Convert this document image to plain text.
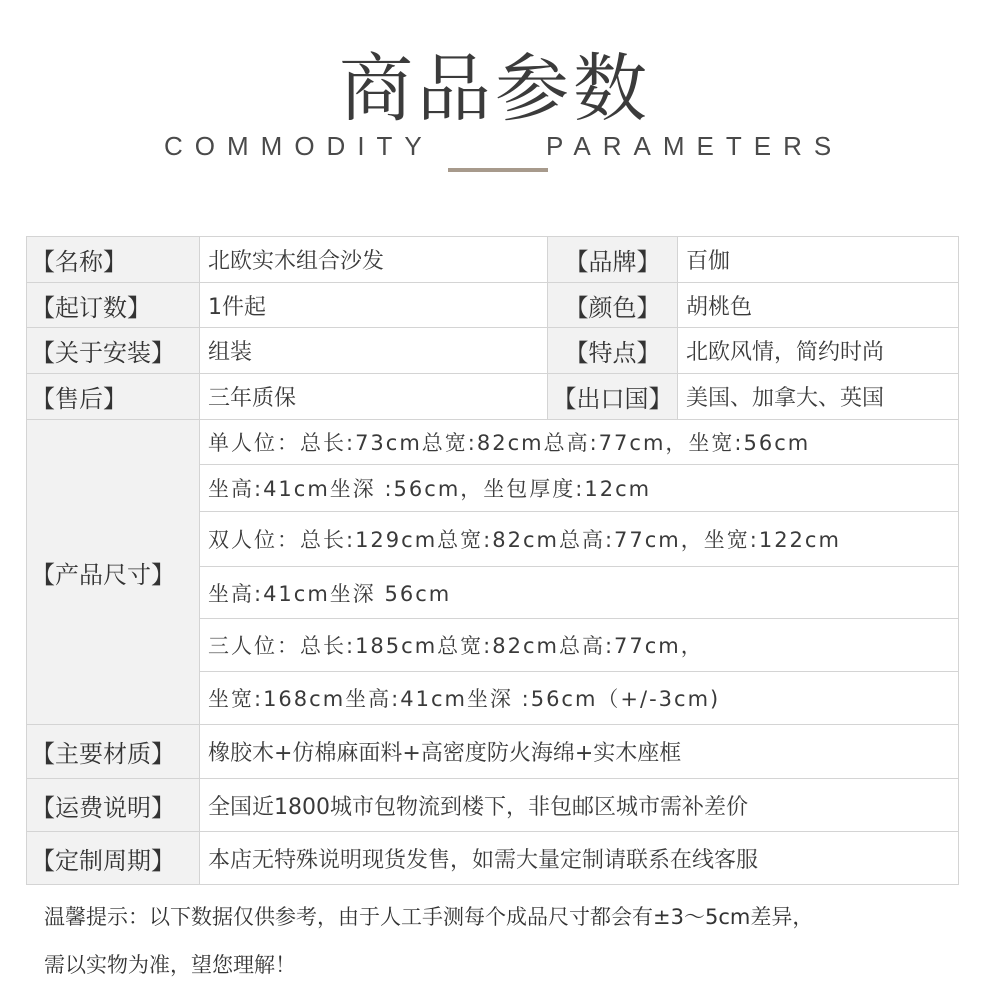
商品参数
COMMODITY	PARAMETERS
【名称】	北欧实木组合沙发	【品牌】	百伽
【起订数】	1件起	【颜色】	胡桃色
【关于安装】	组装	【特点】	北欧风情，简约时尚
【售后】	三年质保	【出口国】 美国、加拿大、英国
【产品尺寸】
单人位：总长:73cm总宽:82cm总高:77cm，坐宽:56cm
坐高:41cm坐深 :56cm，坐包厚度:12cm
双人位：总长:129cm总宽:82cm总高:77cm，坐宽:122cm
坐高:41cm坐深 56cm
三人位：总长:185cm总宽:82cm总高:77cm，
坐宽:168cm坐高:41cm坐深 :56cm（+/-3cm)
【主要材质】	橡胶木+仿棉麻面料+高密度防火海绵+实木座框
【运费说明】	全国近1800城市包物流到楼下，非包邮区城市需补差价
【定制周期】	本店无特殊说明现货发售，如需大量定制请联系在线客服
温馨提示：以下数据仅供参考，由于人工手测每个成品尺寸都会有±3～5cm差异，
需以实物为准，望您理解！
